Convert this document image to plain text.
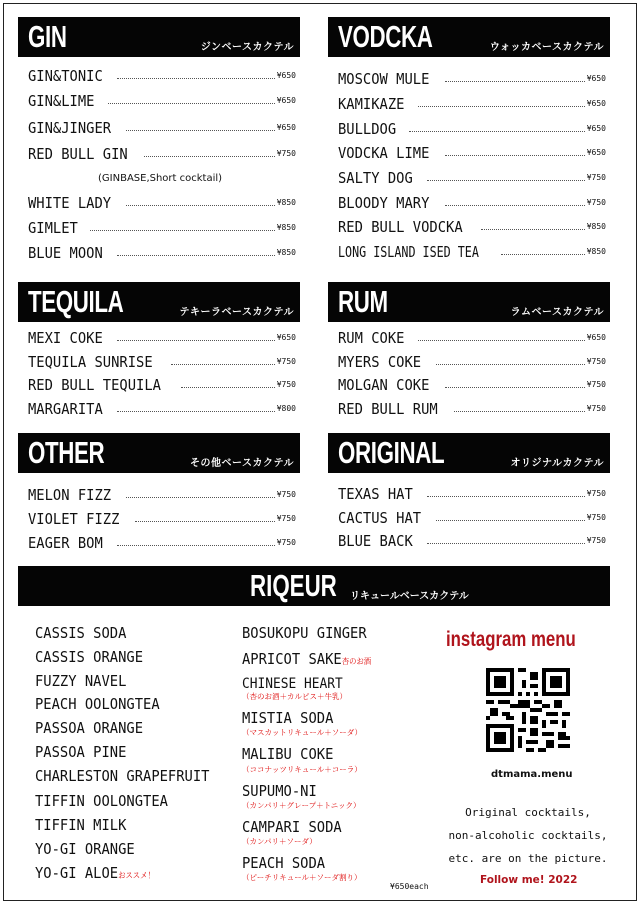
GIN	ジンベースカクテル
GIN&TONIC	¥650
GIN&LIME	¥650
GIN&JINGER	¥650
RED BULL GIN	¥750
(GINBASE,Short cocktail)
WHITE LADY	¥850
GIMLET	¥850
BLUE MOON	¥850
VODCKA	ウォッカベースカクテル
MOSCOW MULE	¥650
KAMIKAZE	¥650
BULLDOG	¥650
VODCKA LIME	¥650
SALTY DOG	¥750
BLOODY MARY	¥750
RED BULL VODCKA	¥850
LONG ISLAND ISED TEA	¥850
TEQUILA	テキーラベースカクテル
MEXI COKE	¥650
TEQUILA SUNRISE	¥750
RED BULL TEQUILA	¥750
MARGARITA	¥800
RUM	ラムベースカクテル
RUM COKE	¥650
MYERS COKE	¥750
MOLGAN COKE	¥750
RED BULL RUM	¥750
OTHER	その他ベースカクテル
MELON FIZZ	¥750
VIOLET FIZZ	¥750
EAGER BOM	¥750
ORIGINAL	オリジナルカクテル
TEXAS HAT	¥750
CACTUS HAT	¥750
BLUE BACK	¥750
RIQEUR リキュールベースカクテル
CASSIS SODA
CASSIS ORANGE
FUZZY NAVEL
PEACH OOLONGTEA
PASSOA ORANGE
PASSOA PINE
CHARLESTON GRAPEFRUIT
TIFFIN OOLONGTEA
TIFFIN MILK
YO-GI ORANGE
YO-GI ALOEおススメ！
BOSUKOPU GINGER
APRICOT SAKE杏のお酒
CHINESE HEART
（杏のお酒＋カルピス＋牛乳）
MISTIA SODA
（マスカットリキュール＋ソーダ）
MALIBU COKE
（ココナッツリキュール＋コーラ）
SUPUMO-NI
（カンパリ＋グレープ＋トニック）
CAMPARI SODA
（カンパリ＋ソーダ）
PEACH SODA
（ピーチリキュール＋ソーダ割り）
¥650each
instagram menu
dtmama.menu
Original cocktails,
non-alcoholic cocktails,
etc. are on the picture.
Follow me! 2022
